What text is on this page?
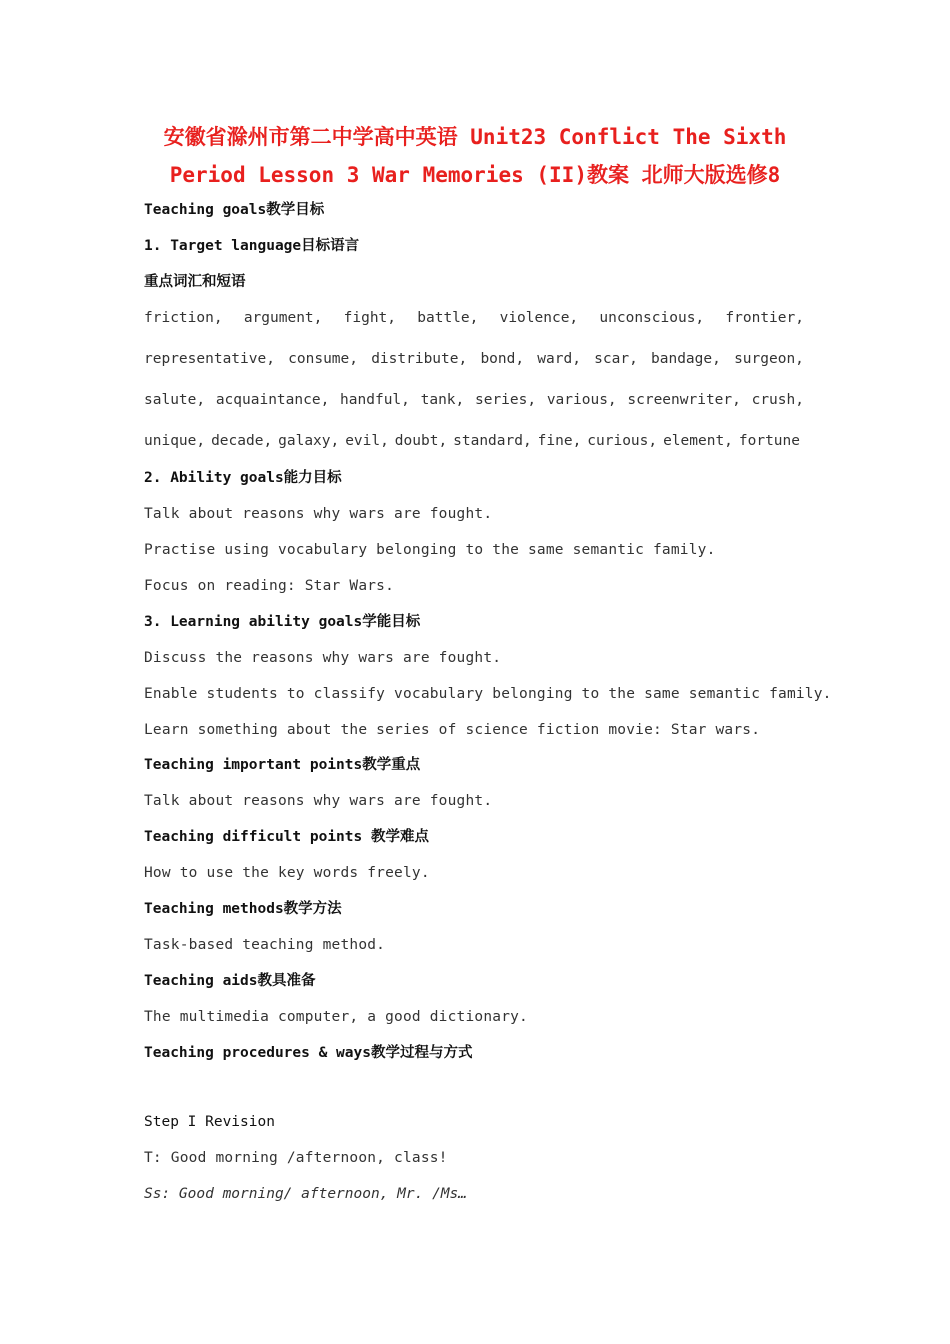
安徽省滁州市第二中学高中英语 Unit23 Conflict The Sixth
Period Lesson 3 War Memories (II)教案 北师大版选修8
Teaching goals教学目标
1. Target language目标语言
重点词汇和短语
friction, argument, fight, battle, violence, unconscious, frontier,
representative, consume, distribute, bond, ward, scar, bandage, surgeon,
salute, acquaintance, handful, tank, series, various, screenwriter, crush,
unique, decade, galaxy, evil, doubt, standard, fine, curious, element, fortune
2. Ability goals能力目标
Talk about reasons why wars are fought.
Practise using vocabulary belonging to the same semantic family.
Focus on reading: Star Wars.
3. Learning ability goals学能目标
Discuss the reasons why wars are fought.
Enable students to classify vocabulary belonging to the same semantic family.
Learn something about the series of science fiction movie: Star wars.
Teaching important points教学重点
Talk about reasons why wars are fought.
Teaching difficult points 教学难点
How to use the key words freely.
Teaching methods教学方法
Task-based teaching method.
Teaching aids教具准备
The multimedia computer, a good dictionary.
Teaching procedures & ways教学过程与方式
Step I Revision
T: Good morning /afternoon, class!
Ss: Good morning/ afternoon, Mr. /Ms…
